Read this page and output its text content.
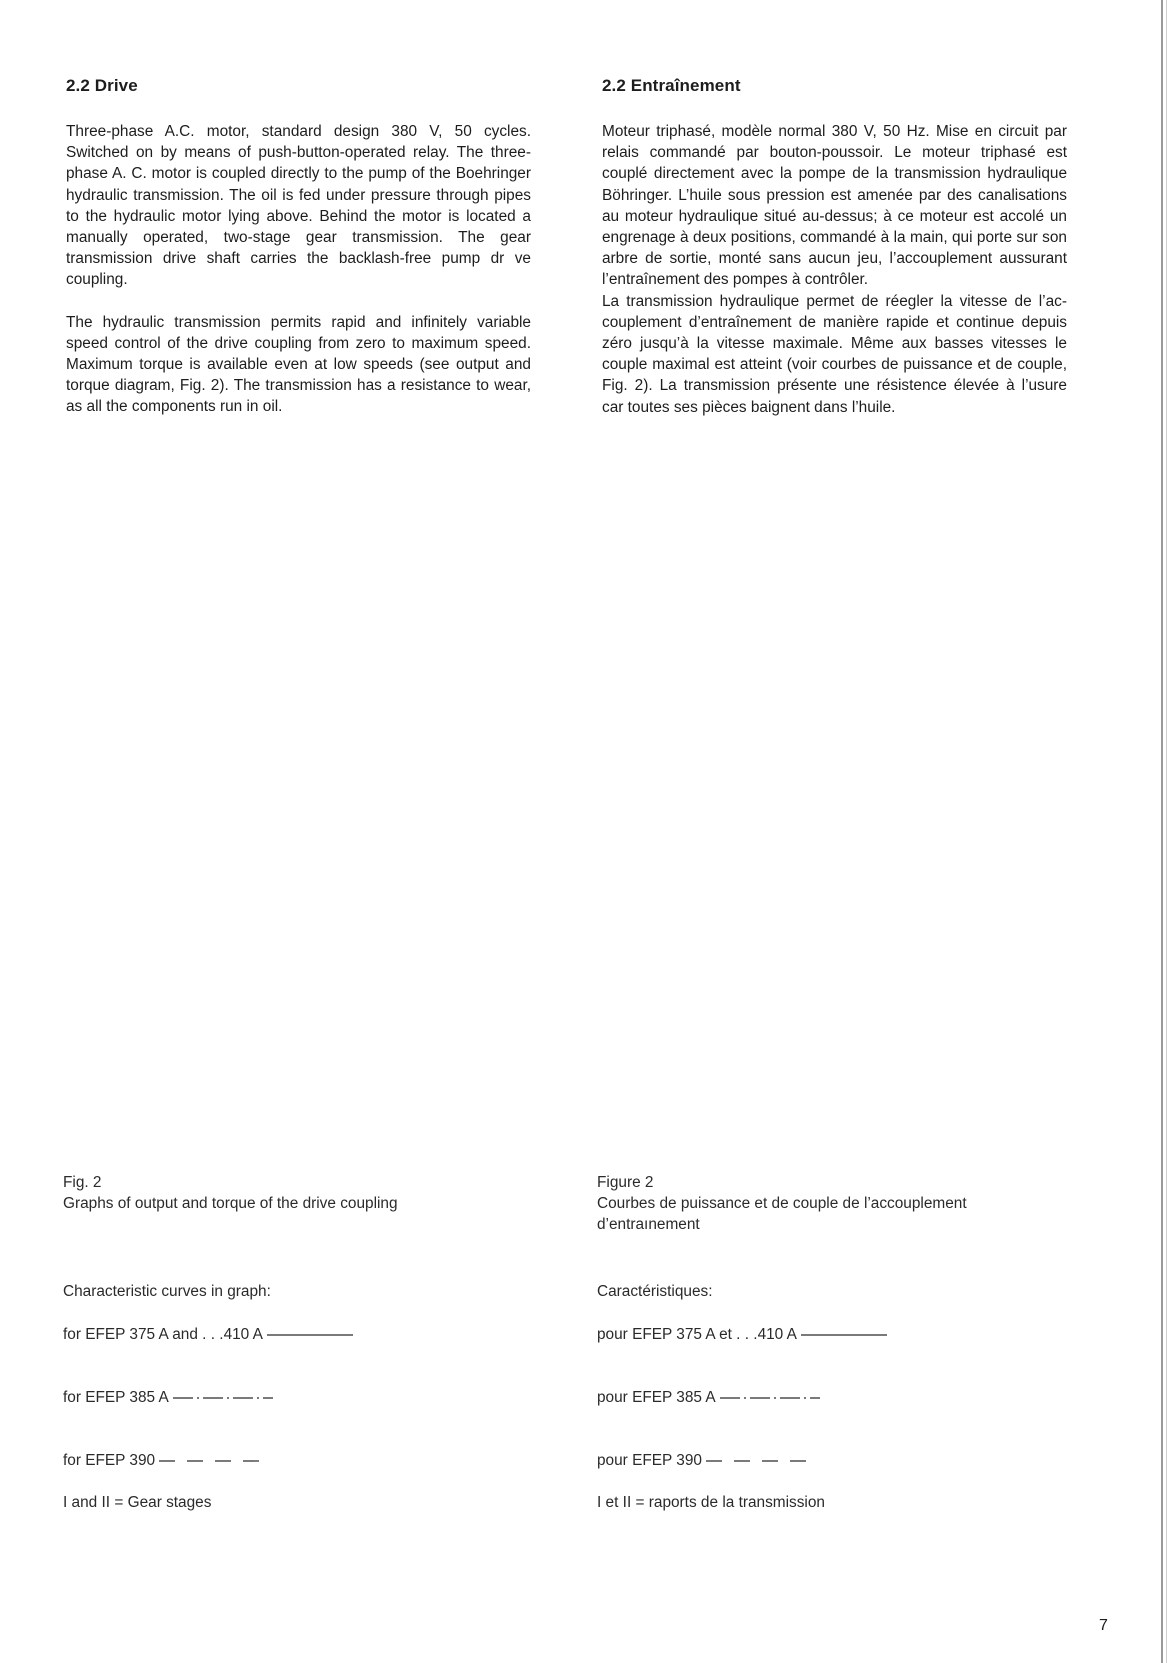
2.2 Drive

Three-phase A.C. motor, standard design 380 V, 50 cycles. Switched on by means of push-button-operated relay. The three-phase A. C. motor is coupled directly to the pump of the Boehringer hydraulic transmission. The oil is fed under pressure through pipes to the hydraulic motor lying above. Behind the motor is located a manually operated, two-stage gear transmission. The gear transmission drive shaft carries the backlash-free pump dr ve coupling.

The hydraulic transmission permits rapid and infinitely variable speed control of the drive coupling from zero to maximum speed. Maximum torque is available even at low speeds (see output and torque diagram, Fig. 2). The transmission has a resistance to wear, as all the components run in oil.

2.2 Entraînement

Moteur triphasé, modèle normal 380 V, 50 Hz. Mise en circuit par relais commandé par bouton-poussoir. Le moteur triphasé est couplé directement avec la pompe de la transmission hydraulique Böhringer. L’huile sous pression est amenée par des canalisations au moteur hydraulique situé au-dessus; à ce moteur est accolé un engrenage à deux positions, commandé à la main, qui porte sur son arbre de sortie, monté sans aucun jeu, l’accouplement aussurant l’entraînement des pompes à contrôler.

La transmission hydraulique permet de réegler la vitesse de l’accouplement d’entraînement de manière rapide et continue depuis zéro jusqu’à la vitesse maximale. Même aux basses vitesses le couple maximal est atteint (voir courbes de puissance et de couple, Fig. 2). La transmission présente une résistence élevée à l’usure car toutes ses pièces baignent dans l’huile.

Fig. 2
Graphs of output and torque of the drive coupling
Characteristic curves in graph:
for EFEP 375 A and . . .410 A
for EFEP 385 A
for EFEP 390
I and II = Gear stages
Figure 2
Courbes de puissance et de couple de l’accouplement
d’entraınement
Caractéristiques:
pour EFEP 375 A et . . .410 A
pour EFEP 385 A
pour EFEP 390
I et II = raports de la transmission
7
